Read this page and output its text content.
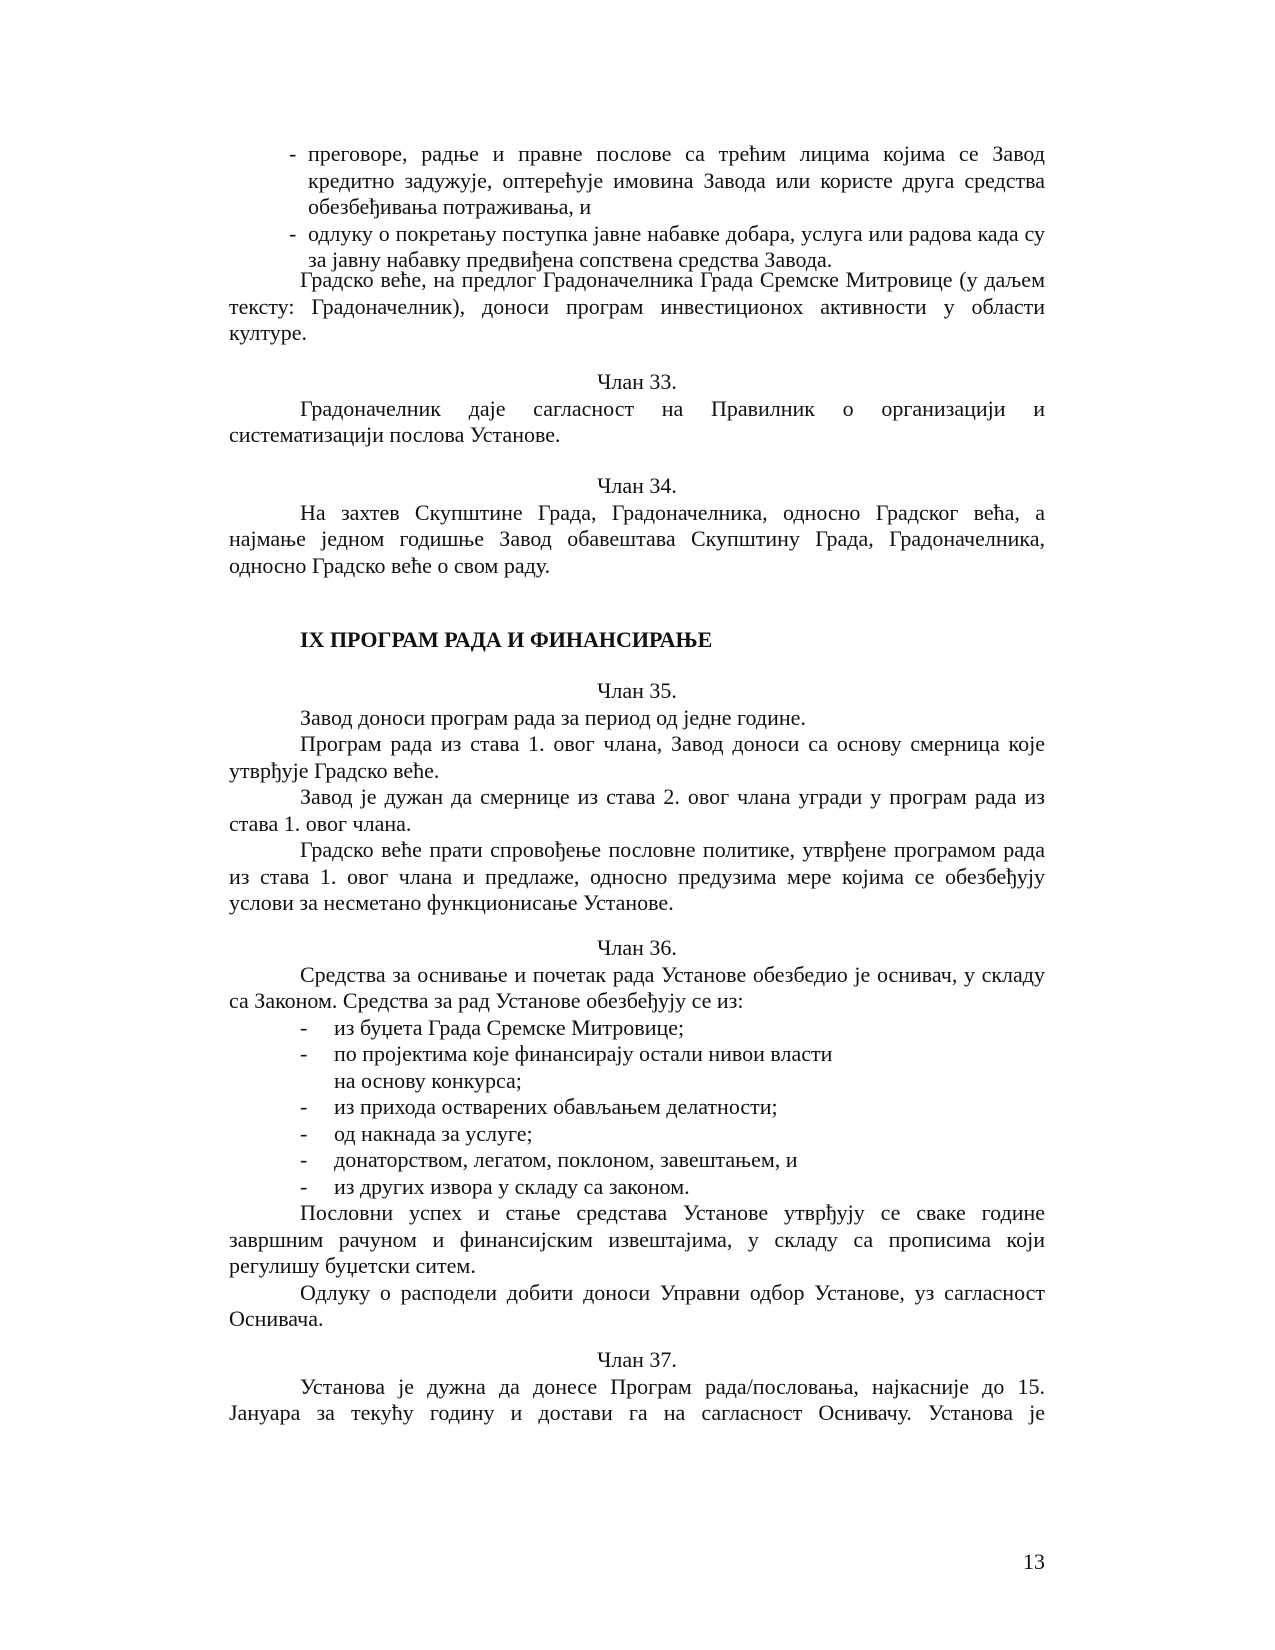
- преговоре, радње и правне послове са трећим лицима којима се Завод кредитно задужује, оптерећује имовина Завода или користе друга средства обезбеђивања потраживања, и
- одлуку о покретању поступка јавне набавке добара, услуга или радова када су за јавну набавку предвиђена сопствена средства Завода.

Градско веће, на предлог Градоначелника Града Сремске Митровице (у даљем тексту: Градоначелник), доноси програм инвестиционох активности у области културе.

Члан 33.

Градоначелник даје сагласност на Правилник о организацији и систематизацији послова Установе.

Члан 34.

На захтев Скупштине Града, Градоначелника, односно Градског већа, а најмање једном годишње Завод обавештава Скупштину Града, Градоначелника, односно Градско веће о свом раду.

IX ПРОГРАМ РАДА И ФИНАНСИРАЊЕ

Члан 35.

Завод доноси програм рада за период од једне године.

Програм рада из става 1. овог члана, Завод доноси са основу смерница које утврђује Градско веће.

Завод је дужан да смернице из става 2. овог члана угради у програм рада из става 1. овог члана.

Градско веће прати спровођење пословне политике, утврђене програмом рада из става 1. овог члана и предлаже, односно предузима мере којима се обезбеђују услови за несметано функционисање Установе.

Члан 36.

Средства за оснивање и почетак рада Установе обезбедио је оснивач, у складу са Законом. Средства за рад Установе обезбеђују се из:

- из буџета Града Сремске Митровице;
- по пројектима које финансирају остали нивои власти на основу конкурса;
- из прихода остварених обављањем делатности;
- од накнада за услуге;
- донаторством, легатом, поклоном, завештањем, и
- из других извора у складу са законом.

Пословни успех и стање средстава Установе утврђују се сваке године завршним рачуном и финансијским извештајима, у складу са прописима који регулишу буџетски ситем.

Одлуку о расподели добити доноси Управни одбор Установе, уз сагласност Оснивача.

Члан 37.

Установа је дужна да донесе Програм рада/пословања, најкасније до 15. Јануара за текућу годину и достави га на сагласност Оснивачу. Установа је

13
